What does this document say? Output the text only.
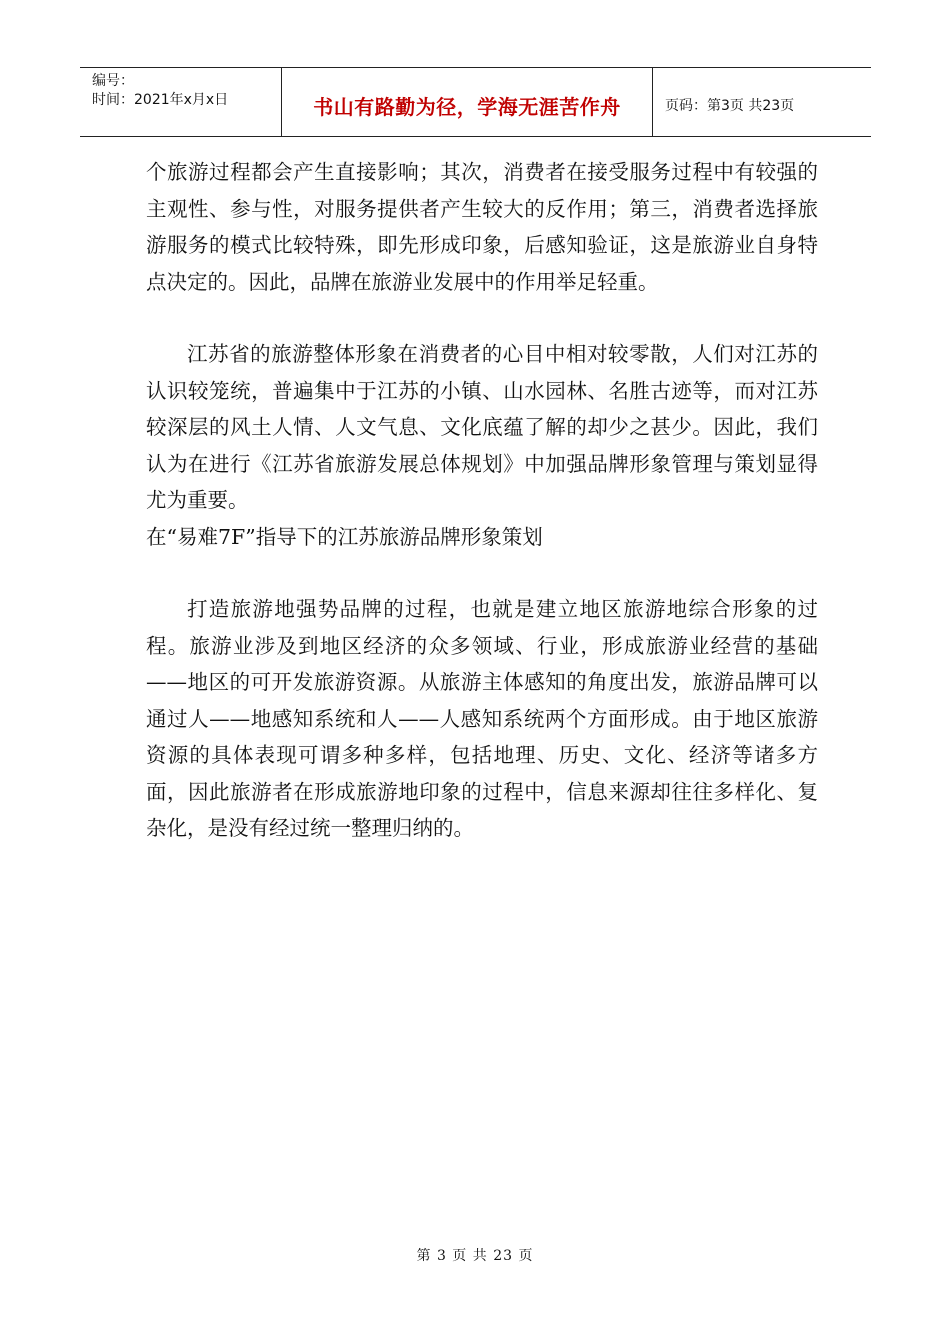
编号：
时间：2021年x月x日	书山有路勤为径，学海无涯苦作舟	页码：第3页 共23页

个旅游过程都会产生直接影响；其次，消费者在接受服务过程中有较强的主观性、参与性，对服务提供者产生较大的反作用；第三，消费者选择旅游服务的模式比较特殊，即先形成印象，后感知验证，这是旅游业自身特点决定的。因此，品牌在旅游业发展中的作用举足轻重。

江苏省的旅游整体形象在消费者的心目中相对较零散，人们对江苏的认识较笼统，普遍集中于江苏的小镇、山水园林、名胜古迹等，而对江苏较深层的风土人情、人文气息、文化底蕴了解的却少之甚少。因此，我们认为在进行《江苏省旅游发展总体规划》中加强品牌形象管理与策划显得尤为重要。

在“易难7F”指导下的江苏旅游品牌形象策划

打造旅游地强势品牌的过程，也就是建立地区旅游地综合形象的过程。旅游业涉及到地区经济的众多领域、行业，形成旅游业经营的基础——地区的可开发旅游资源。从旅游主体感知的角度出发，旅游品牌可以通过人——地感知系统和人——人感知系统两个方面形成。由于地区旅游资源的具体表现可谓多种多样，包括地理、历史、文化、经济等诸多方面，因此旅游者在形成旅游地印象的过程中，信息来源却往往多样化、复杂化，是没有经过统一整理归纳的。

第 3 页 共 23 页
